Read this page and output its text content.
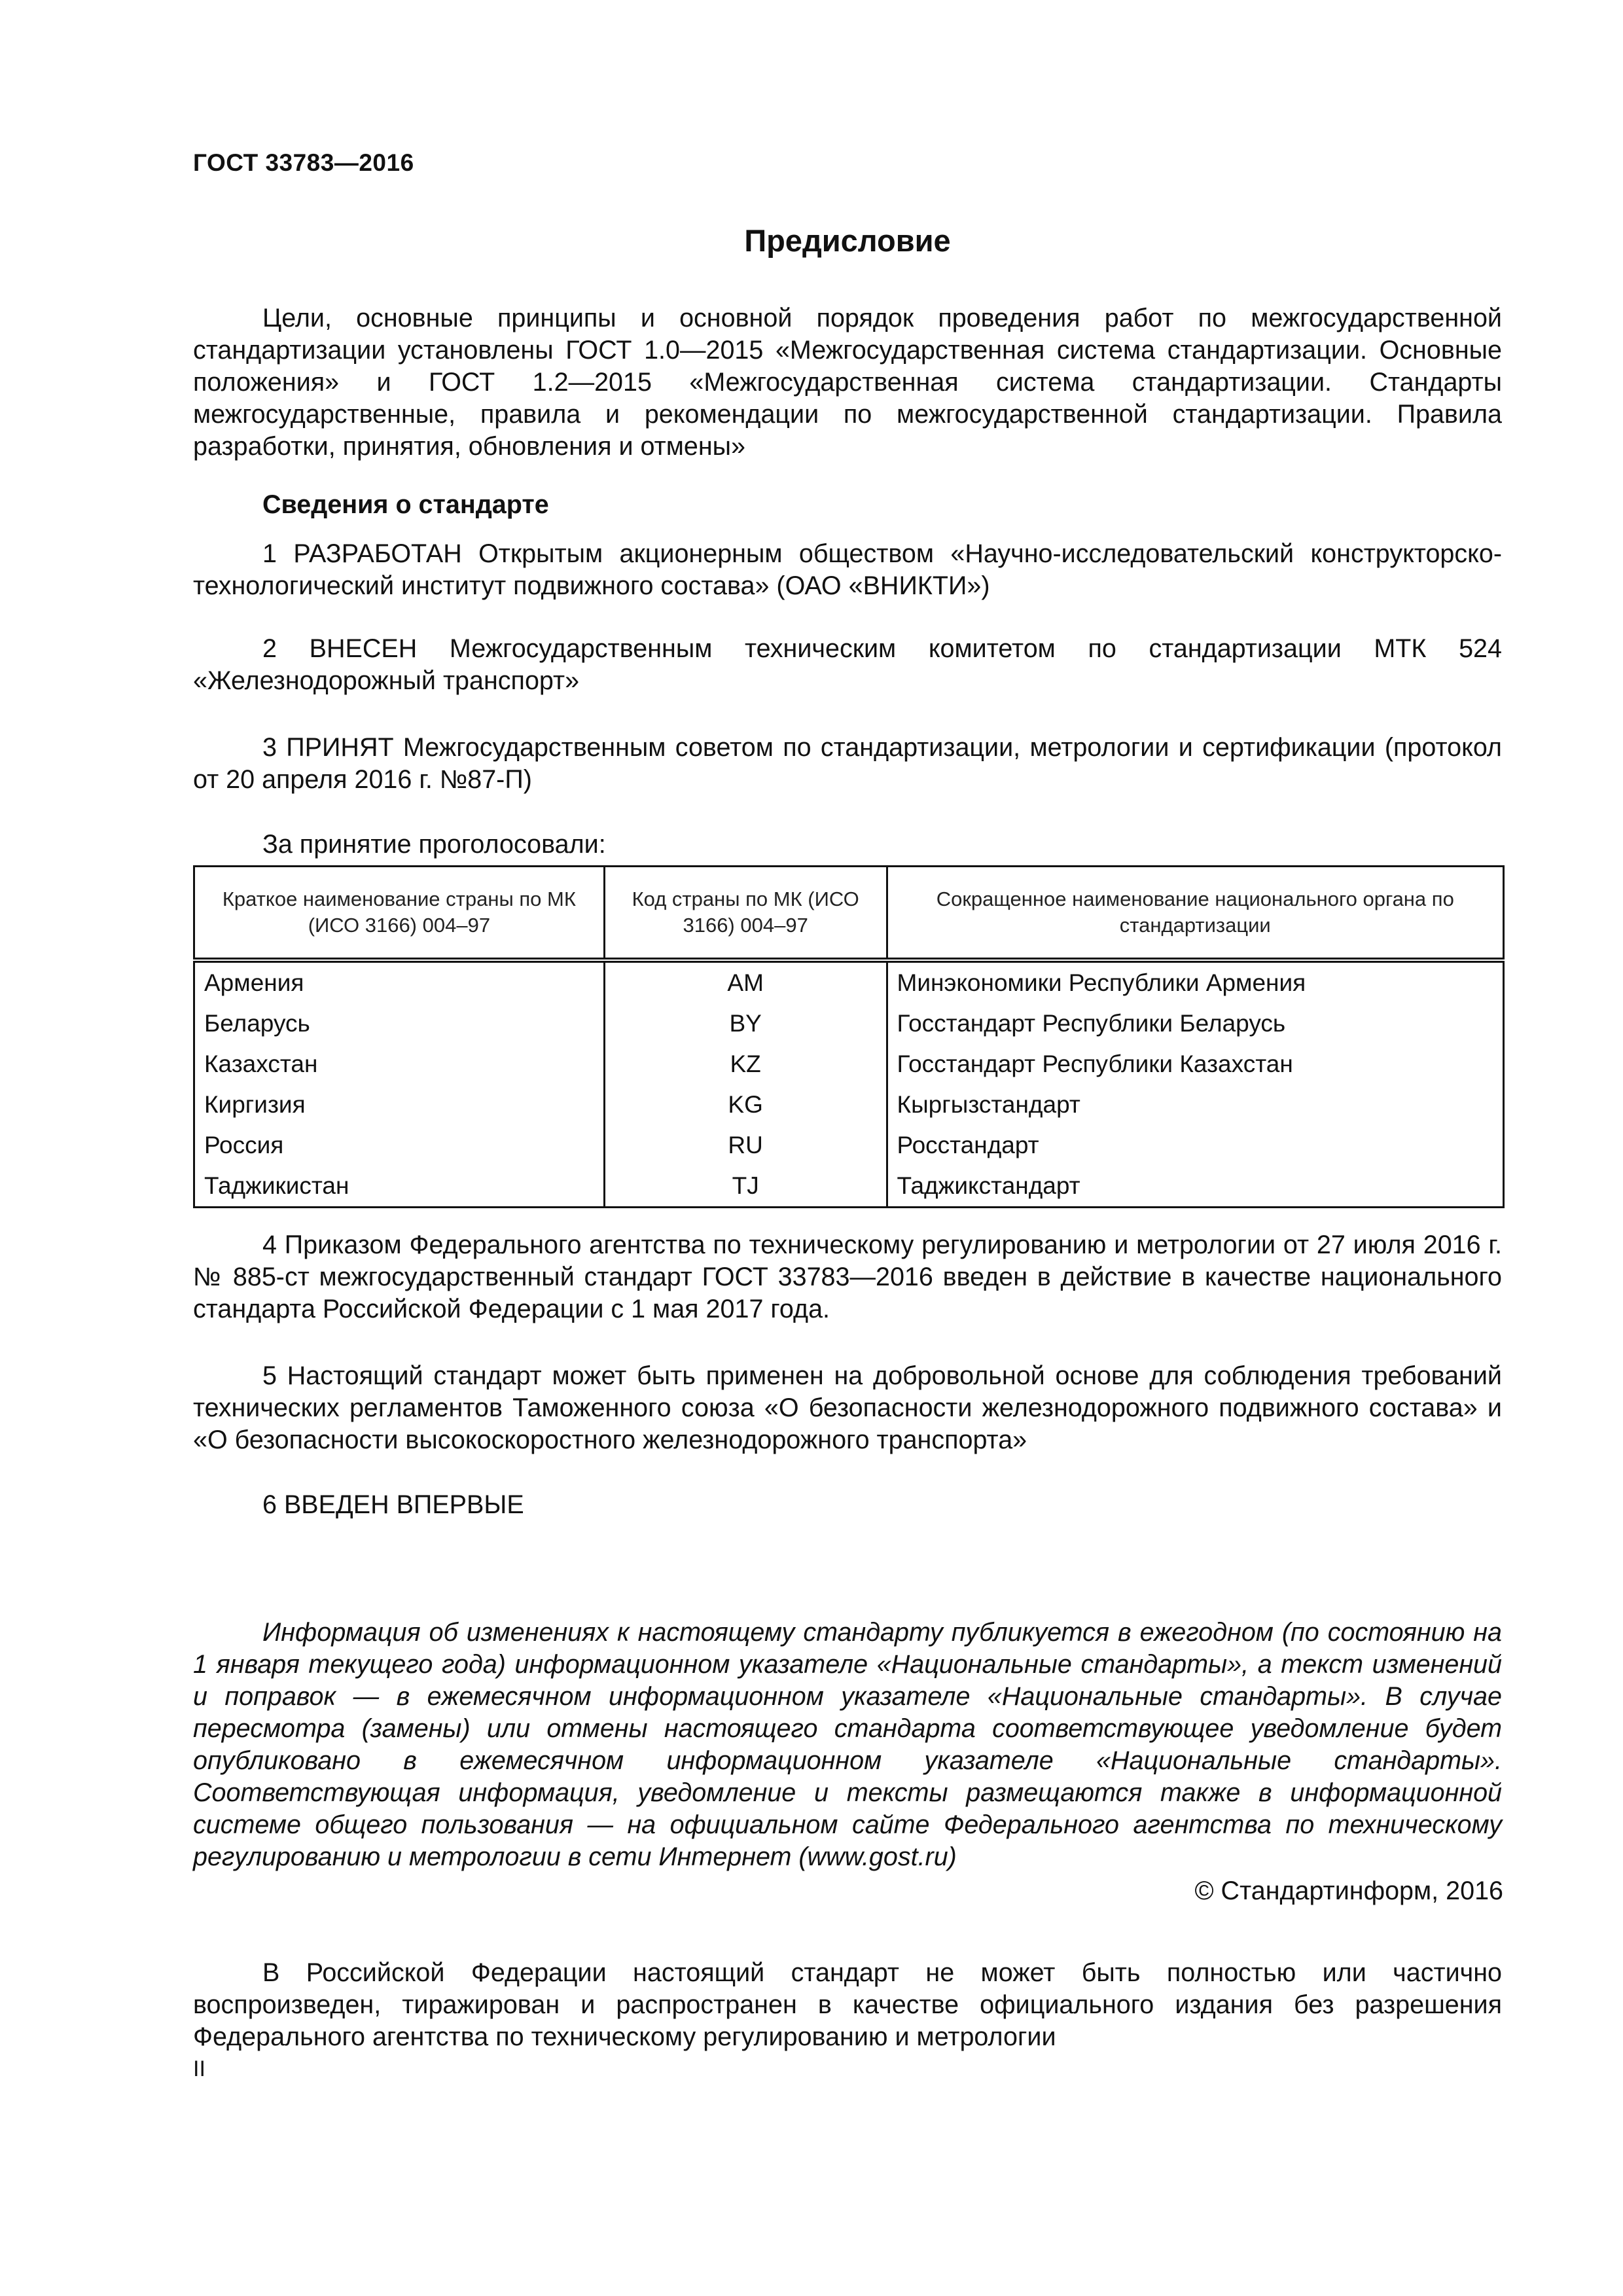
ГОСТ 33783—2016
Предисловие

Цели, основные принципы и основной порядок проведения работ по межгосударственной стандартизации установлены ГОСТ 1.0—2015 «Межгосударственная система стандартизации. Основные положения» и ГОСТ 1.2—2015 «Межгосударственная система стандартизации. Стандарты межгосударственные, правила и рекомендации по межгосударственной стандартизации. Правила разработки, принятия, обновления и отмены»

Сведения о стандарте

1 РАЗРАБОТАН Открытым акционерным обществом «Научно-исследовательский конструкторско-технологический институт подвижного состава» (ОАО «ВНИКТИ»)

2 ВНЕСЕН Межгосударственным техническим комитетом по стандартизации МТК 524 «Железнодорожный транспорт»

3 ПРИНЯТ Межгосударственным советом по стандартизации, метрологии и сертификации (протокол от 20 апреля 2016 г. №87-П)

За принятие проголосовали:

Краткое наименование страны по МК (ИСО 3166) 004–97	Код страны по МК (ИСО 3166) 004–97	Сокращенное наименование национального органа по стандартизации
Армения	AM	Минэкономики Республики Армения
Беларусь	BY	Госстандарт Республики Беларусь
Казахстан	KZ	Госстандарт Республики Казахстан
Киргизия	KG	Кыргызстандарт
Россия	RU	Росстандарт
Таджикистан	TJ	Таджикстандарт

4 Приказом Федерального агентства по техническому регулированию и метрологии от 27 июля 2016 г. № 885-ст межгосударственный стандарт ГОСТ 33783—2016 введен в действие в качестве национального стандарта Российской Федерации с 1 мая 2017 года.

5 Настоящий стандарт может быть применен на добровольной основе для соблюдения требований технических регламентов Таможенного союза «О безопасности железнодорожного подвижного состава» и «О безопасности высокоскоростного железнодорожного транспорта»

6 ВВЕДЕН ВПЕРВЫЕ

Информация об изменениях к настоящему стандарту публикуется в ежегодном (по состоянию на 1 января текущего года) информационном указателе «Национальные стандарты», а текст изменений и поправок — в ежемесячном информационном указателе «Национальные стандарты». В случае пересмотра (замены) или отмены настоящего стандарта соответствующее уведомление будет опубликовано в ежемесячном информационном указателе «Национальные стандарты». Соответствующая информация, уведомление и тексты размещаются также в информационной системе общего пользования — на официальном сайте Федерального агентства по техническому регулированию и метрологии в сети Интернет (www.gost.ru)

© Стандартинформ, 2016

В Российской Федерации настоящий стандарт не может быть полностью или частично воспроизведен, тиражирован и распространен в качестве официального издания без разрешения Федерального агентства по техническому регулированию и метрологии

II
